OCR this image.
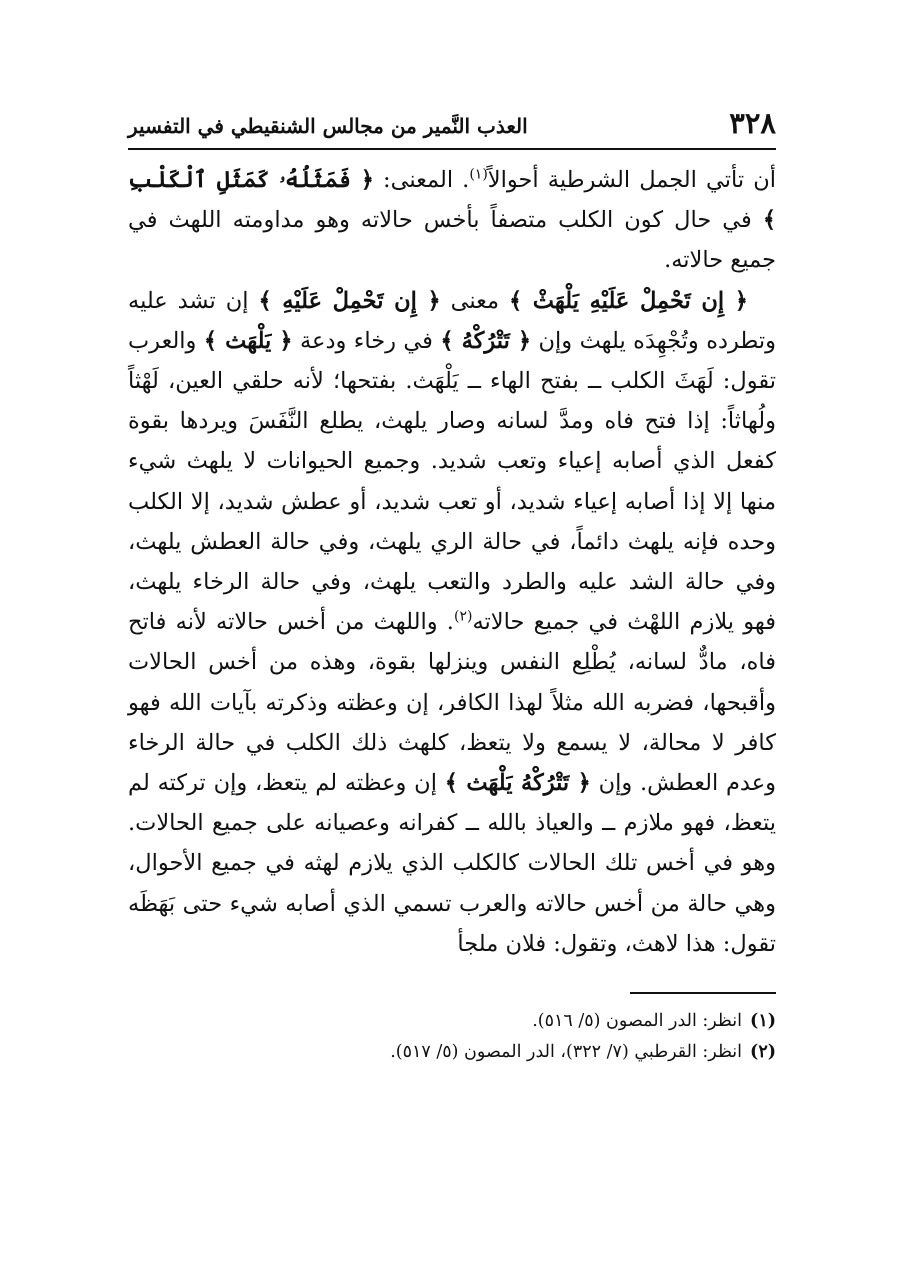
٣٢٨
العذب النَّمير من مجالس الشنقيطي في التفسير

أن تأتي الجمل الشرطية أحوالاً$^{(١)}$. المعنى: ﴿ فَمَثَلُهُۥ كَمَثَلِ ٱلْكَلْبِ ﴾ في حال كون الكلب متصفاً بأخس حالاته وهو مداومته اللهث في جميع حالاته.

﴿ إِن تَحْمِلْ عَلَيْهِ يَلْهَثْ ﴾ معنى ﴿ إِن تَحْمِلْ عَلَيْهِ ﴾ إن تشد عليه وتطرده وتُجْهِدَه يلهث وإن ﴿ تَتْرُكْهُ ﴾ في رخاء ودعة ﴿ يَلْهَث ﴾ والعرب تقول: لَهَثَ الكلب ــ بفتح الهاء ــ يَلْهَث. بفتحها؛ لأنه حلقي العين، لَهْثاً ولُهاثاً: إذا فتح فاه ومدَّ لسانه وصار يلهث، يطلع النَّفَسَ ويردها بقوة كفعل الذي أصابه إعياء وتعب شديد. وجميع الحيوانات لا يلهث شيء منها إلا إذا أصابه إعياء شديد، أو تعب شديد، أو عطش شديد، إلا الكلب وحده فإنه يلهث دائماً، في حالة الري يلهث، وفي حالة العطش يلهث، وفي حالة الشد عليه والطرد والتعب يلهث، وفي حالة الرخاء يلهث، فهو يلازم اللهْث في جميع حالاته$^{(٢)}$. واللهث من أخس حالاته لأنه فاتح فاه، مادٌّ لسانه، يُطْلِع النفس وينزلها بقوة، وهذه من أخس الحالات وأقبحها، فضربه الله مثلاً لهذا الكافر، إن وعظته وذكرته بآيات الله فهو كافر لا محالة، لا يسمع ولا يتعظ، كلهث ذلك الكلب في حالة الرخاء وعدم العطش. وإن ﴿ تَتْرُكْهُ يَلْهَث ﴾ إن وعظته لم يتعظ، وإن تركته لم يتعظ، فهو ملازم ــ والعياذ بالله ــ كفرانه وعصيانه على جميع الحالات. وهو في أخس تلك الحالات كالكلب الذي يلازم لهثه في جميع الأحوال، وهي حالة من أخس حالاته والعرب تسمي الذي أصابه شيء حتى بَهَظَه تقول: هذا لاهث، وتقول: فلان ملجأ

(١)
انظر: الدر المصون (٥/ ٥١٦).
(٢)
انظر: القرطبي (٧/ ٣٢٢)، الدر المصون (٥/ ٥١٧).
